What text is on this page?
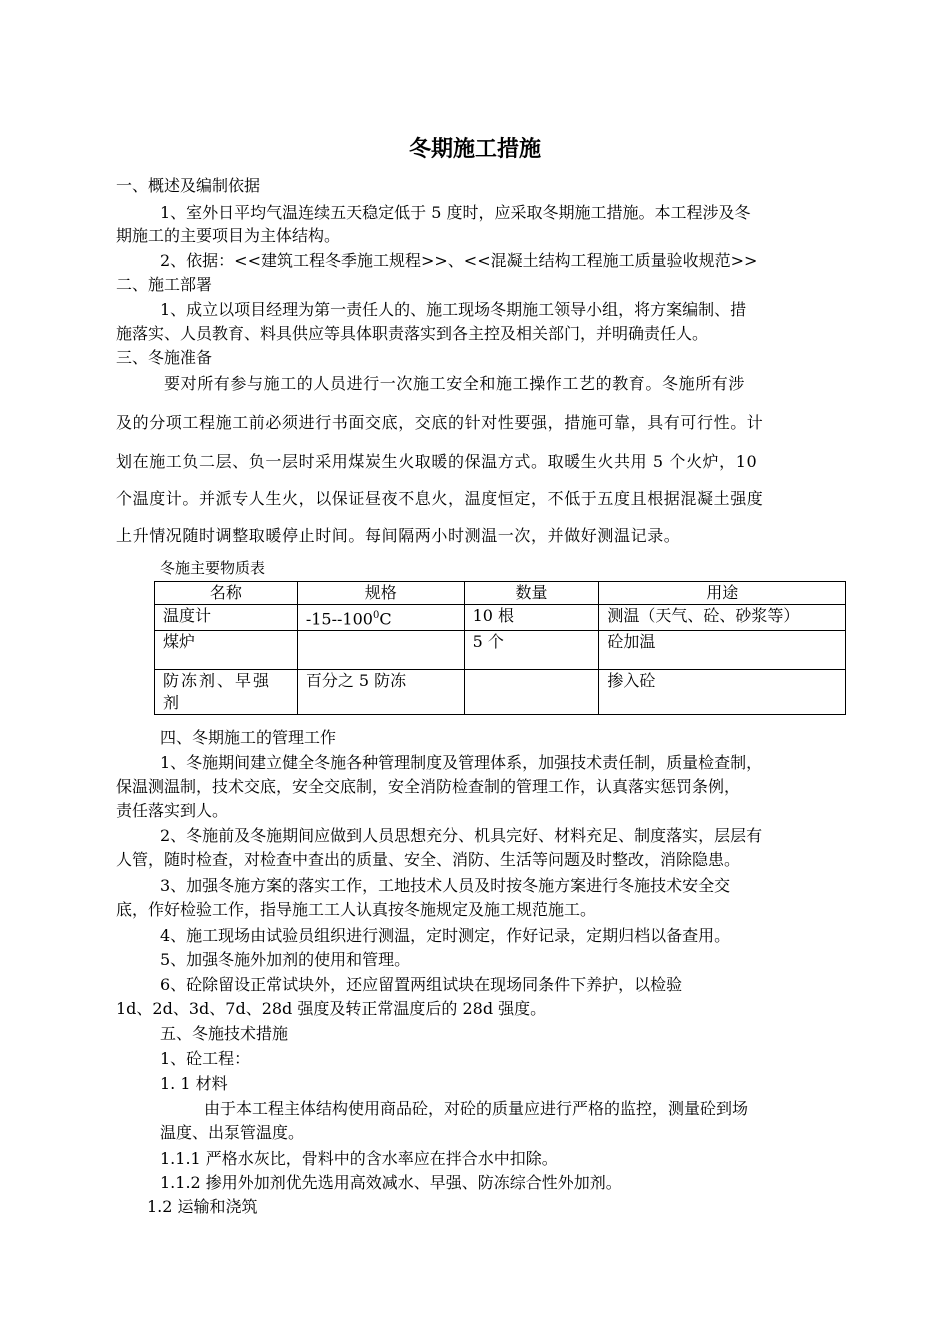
冬期施工措施
一、概述及编制依据
1、室外日平均气温连续五天稳定低于 5 度时，应采取冬期施工措施。本工程涉及冬
期施工的主要项目为主体结构。
2、依据：<<建筑工程冬季施工规程>>、<<混凝土结构工程施工质量验收规范>>
二、施工部署
1、成立以项目经理为第一责任人的、施工现场冬期施工领导小组，将方案编制、措
施落实、人员教育、料具供应等具体职责落实到各主控及相关部门，并明确责任人。
三、冬施准备
要对所有参与施工的人员进行一次施工安全和施工操作工艺的教育。冬施所有涉
及的分项工程施工前必须进行书面交底，交底的针对性要强，措施可靠，具有可行性。计
划在施工负二层、负一层时采用煤炭生火取暖的保温方式。取暖生火共用 5 个火炉，10
个温度计。并派专人生火，以保证昼夜不息火，温度恒定，不低于五度且根据混凝土强度
上升情况随时调整取暖停止时间。每间隔两小时测温一次，并做好测温记录。
冬施主要物质表
名称	规格	数量	用途
温度计	$-15--100^0C$	10 根	测温（天气、砼、砂浆等）
煤炉		5 个	砼加温
防冻剂、早强剂	百分之 5 防冻		掺入砼
四、冬期施工的管理工作
1、冬施期间建立健全冬施各种管理制度及管理体系，加强技术责任制，质量检查制，
保温测温制，技术交底，安全交底制，安全消防检查制的管理工作，认真落实惩罚条例，
责任落实到人。
2、冬施前及冬施期间应做到人员思想充分、机具完好、材料充足、制度落实，层层有
人管，随时检查，对检查中查出的质量、安全、消防、生活等问题及时整改，消除隐患。
3、加强冬施方案的落实工作，工地技术人员及时按冬施方案进行冬施技术安全交
底，作好检验工作，指导施工工人认真按冬施规定及施工规范施工。
4、施工现场由试验员组织进行测温，定时测定，作好记录，定期归档以备查用。
5、加强冬施外加剂的使用和管理。
6、砼除留设正常试块外，还应留置两组试块在现场同条件下养护，以检验
1d、2d、3d、7d、28d 强度及转正常温度后的 28d 强度。
五、冬施技术措施
1、砼工程：
1. 1 材料
由于本工程主体结构使用商品砼，对砼的质量应进行严格的监控，测量砼到场
温度、出泵管温度。
1.1.1 严格水灰比，骨料中的含水率应在拌合水中扣除。
1.1.2 掺用外加剂优先选用高效减水、早强、防冻综合性外加剂。
1.2 运输和浇筑
